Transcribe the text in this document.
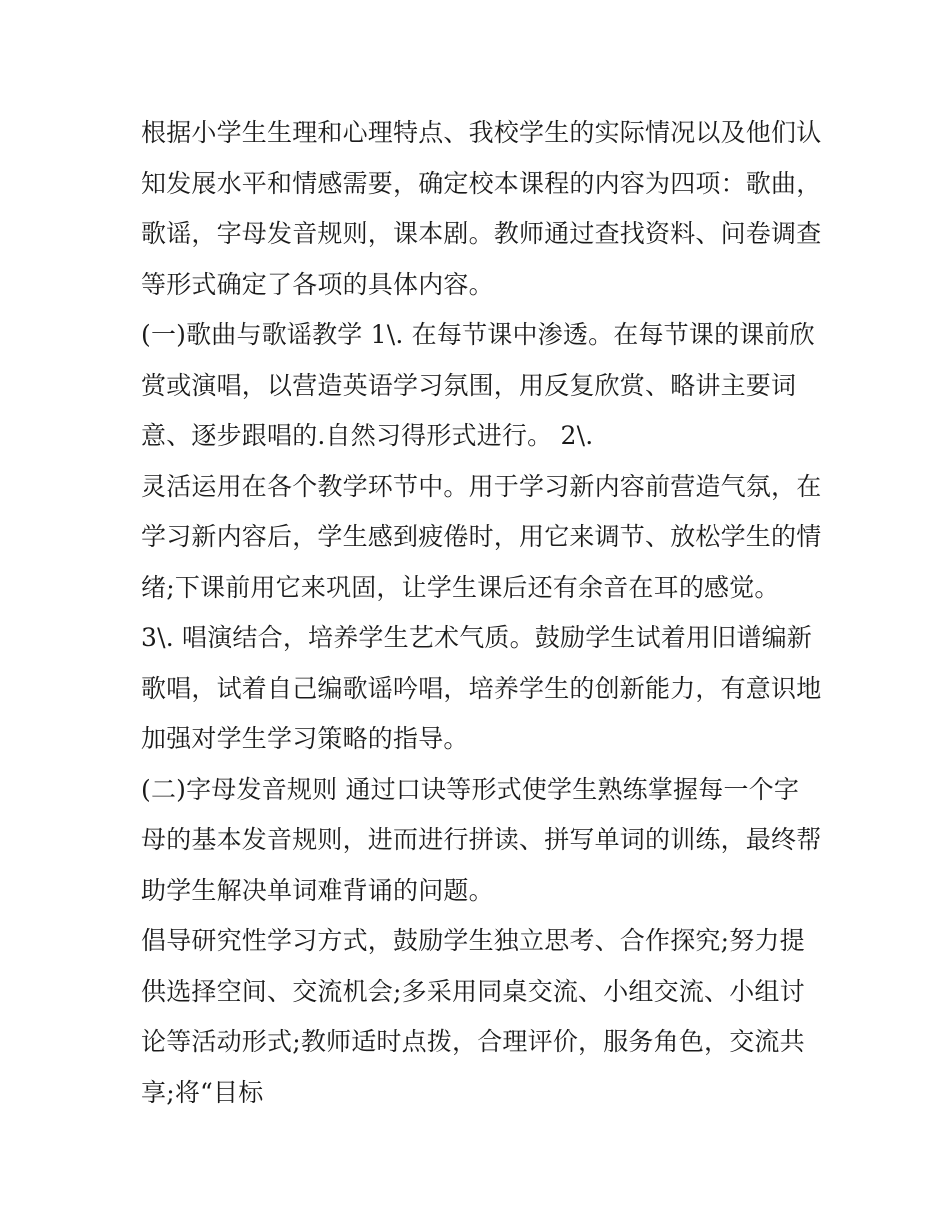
根据小学生生理和心理特点、我校学生的实际情况以及他们认
知发展水平和情感需要，确定校本课程的内容为四项：歌曲，
歌谣，字母发音规则，课本剧。教师通过查找资料、问卷调查
等形式确定了各项的具体内容。
(一)歌曲与歌谣教学 1\. 在每节课中渗透。在每节课的课前欣
赏或演唱，以营造英语学习氛围，用反复欣赏、略讲主要词
意、逐步跟唱的.自然习得形式进行。 2\.
灵活运用在各个教学环节中。用于学习新内容前营造气氛，在
学习新内容后，学生感到疲倦时，用它来调节、放松学生的情
绪;下课前用它来巩固，让学生课后还有余音在耳的感觉。
3\. 唱演结合，培养学生艺术气质。鼓励学生试着用旧谱编新
歌唱，试着自己编歌谣吟唱，培养学生的创新能力，有意识地
加强对学生学习策略的指导。
(二)字母发音规则 通过口诀等形式使学生熟练掌握每一个字
母的基本发音规则，进而进行拼读、拼写单词的训练，最终帮
助学生解决单词难背诵的问题。
倡导研究性学习方式，鼓励学生独立思考、合作探究;努力提
供选择空间、交流机会;多采用同桌交流、小组交流、小组讨
论等活动形式;教师适时点拨，合理评价，服务角色，交流共
享;将“目标
